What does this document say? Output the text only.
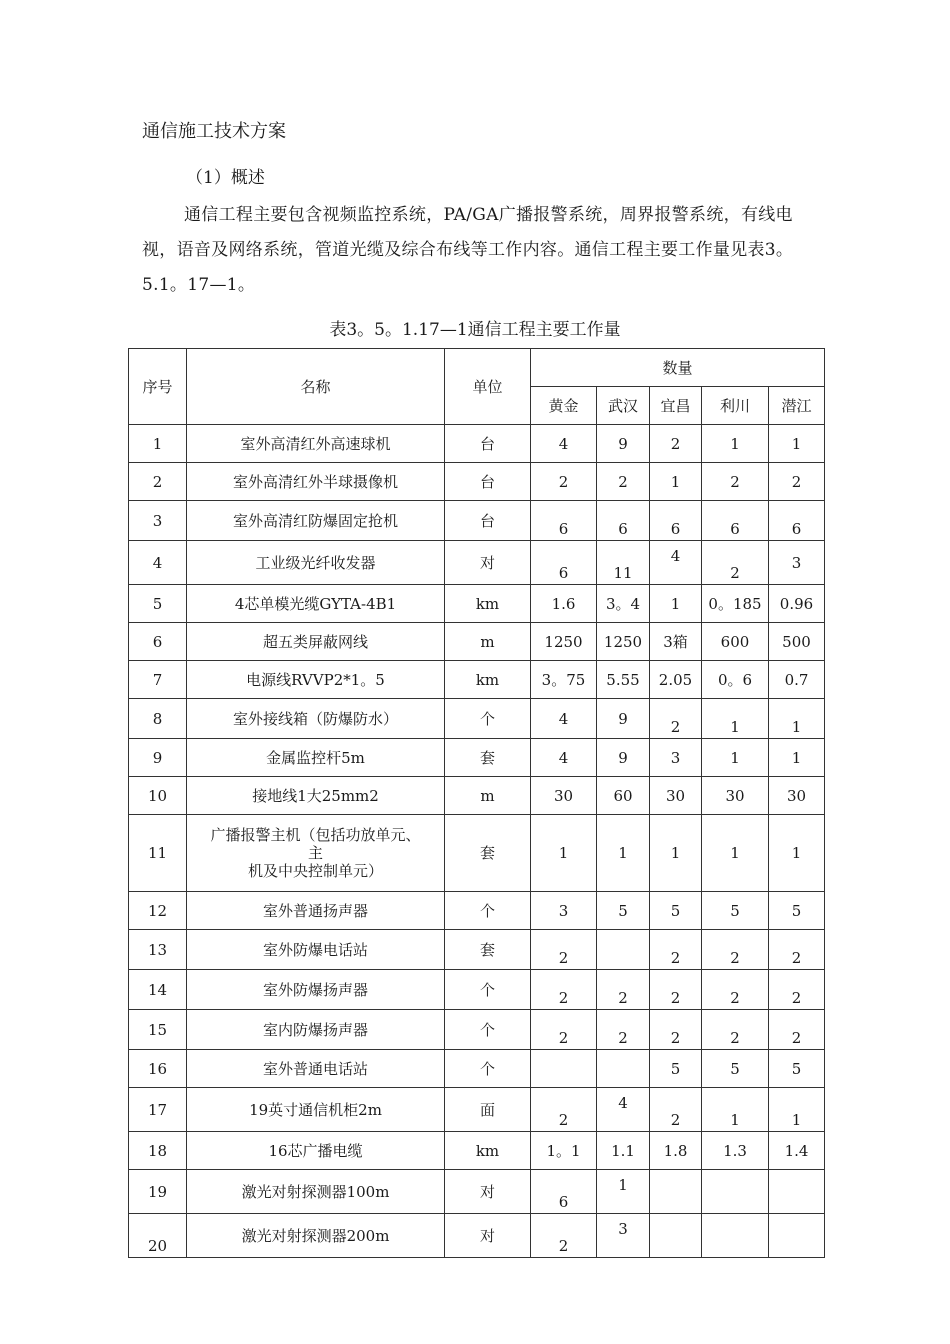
通信施工技术方案
（1）概述
通信工程主要包含视频监控系统，PA/GA广播报警系统，周界报警系统，有线电视，语音及网络系统，管道光缆及综合布线等工作内容。通信工程主要工作量见表3。5.1。17—1。
表3。5。1.17—1通信工程主要工作量
序号	名称	单位	数量				
			黄金	武汉	宜昌	利川	潜江
1	室外高清红外高速球机	台	4	9	2	1	1
2	室外高清红外半球摄像机	台	2	2	1	2	2
3	室外高清红防爆固定抢机	台	6	6	6	6	6
4	工业级光纤收发器	对	6	11	4	2	3
5	4芯单模光缆GYTA-4B1	km	1.6	3。4	1	0。185	0.96
6	超五类屏蔽网线	m	1250	1250	3箱	600	500
7	电源线RVVP2*1。5	km	3。75	5.55	2.05	0。6	0.7
8	室外接线箱（防爆防水）	个	4	9	2	1	1
9	金属监控杆5m	套	4	9	3	1	1
10	接地线1大25mm2	m	30	60	30	30	30
11	广播报警主机（包括功放单元、
主
机及中央控制单元）	套	1	1	1	1	1
12	室外普通扬声器	个	3	5	5	5	5
13	室外防爆电话站	套	2		2	2	2
14	室外防爆扬声器	个	2	2	2	2	2
15	室内防爆扬声器	个	2	2	2	2	2
16	室外普通电话站	个			5	5	5
17	19英寸通信机柜2m	面	2	4	2	1	1
18	16芯广播电缆	km	1。1	1.1	1.8	1.3	1.4
19	激光对射探测器100m	对	6	1			
20	激光对射探测器200m	对	2	3			
